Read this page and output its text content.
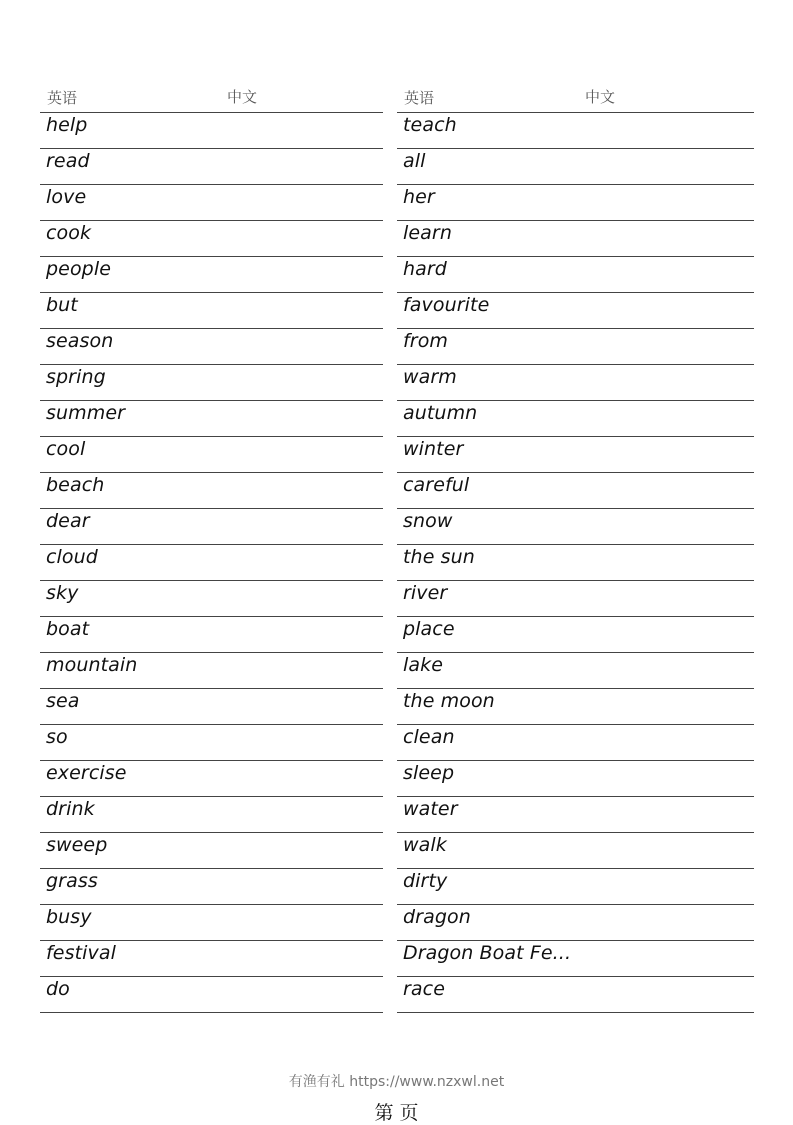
英语	中文
help
read
love
cook
people
but
season
spring
summer
cool
beach
dear
cloud
sky
boat
mountain
sea
so
exercise
drink
sweep
grass
busy
festival
do
英语	中文
teach
all
her
learn
hard
favourite
from
warm
autumn
winter
careful
snow
the sun
river
place
lake
the moon
clean
sleep
water
walk
dirty
dragon
Dragon Boat Fe...
race
有渔有礼 https://www.nzxwl.net
第 页
